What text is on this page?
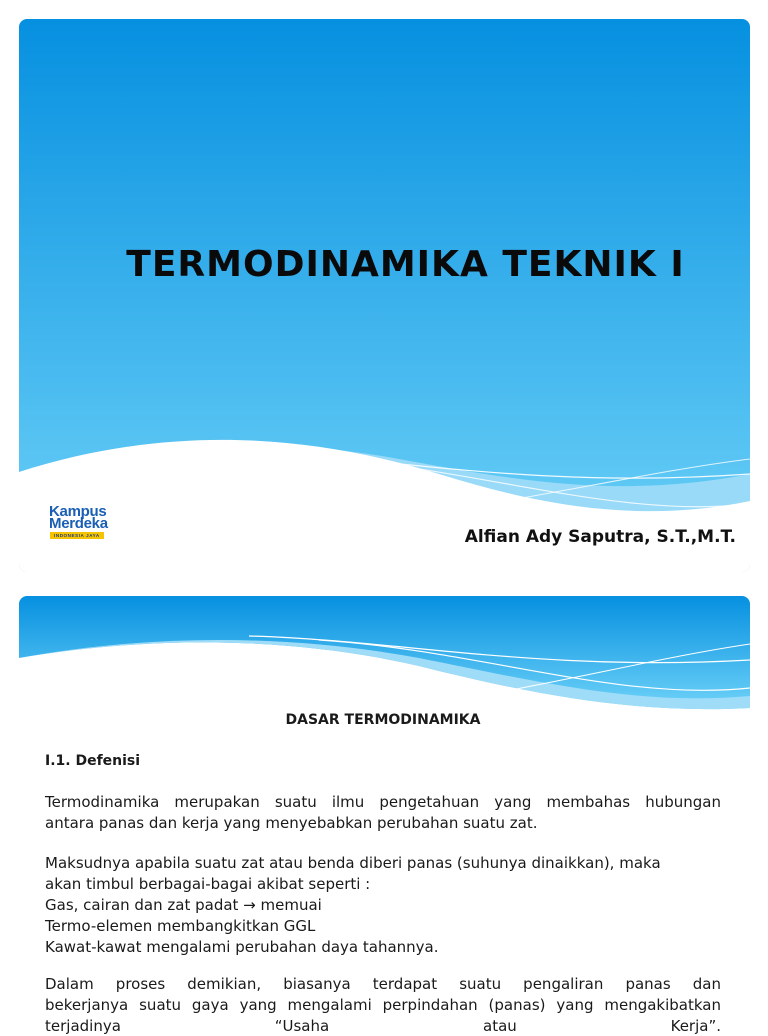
TERMODINAMIKA TEKNIK I
Kampus
Merdeka
INDONESIA JAYA	Alfian Ady Saputra, S.T.,M.T.
DASAR TERMODINAMIKA
I.1. Defenisi

Termodinamika merupakan suatu ilmu pengetahuan yang membahas hubungan
antara panas dan kerja yang menyebabkan perubahan suatu zat.

Maksudnya apabila suatu zat atau benda diberi panas (suhunya dinaikkan), maka
akan timbul berbagai-bagai akibat seperti :
Gas, cairan dan zat padat → memuai
Termo-elemen membangkitkan GGL
Kawat-kawat mengalami perubahan daya tahannya.

Dalam proses demikian, biasanya terdapat suatu pengaliran panas dan
bekerjanya suatu gaya yang mengalami perpindahan (panas) yang mengakibatkan
terjadinya “Usaha atau Kerja”.
